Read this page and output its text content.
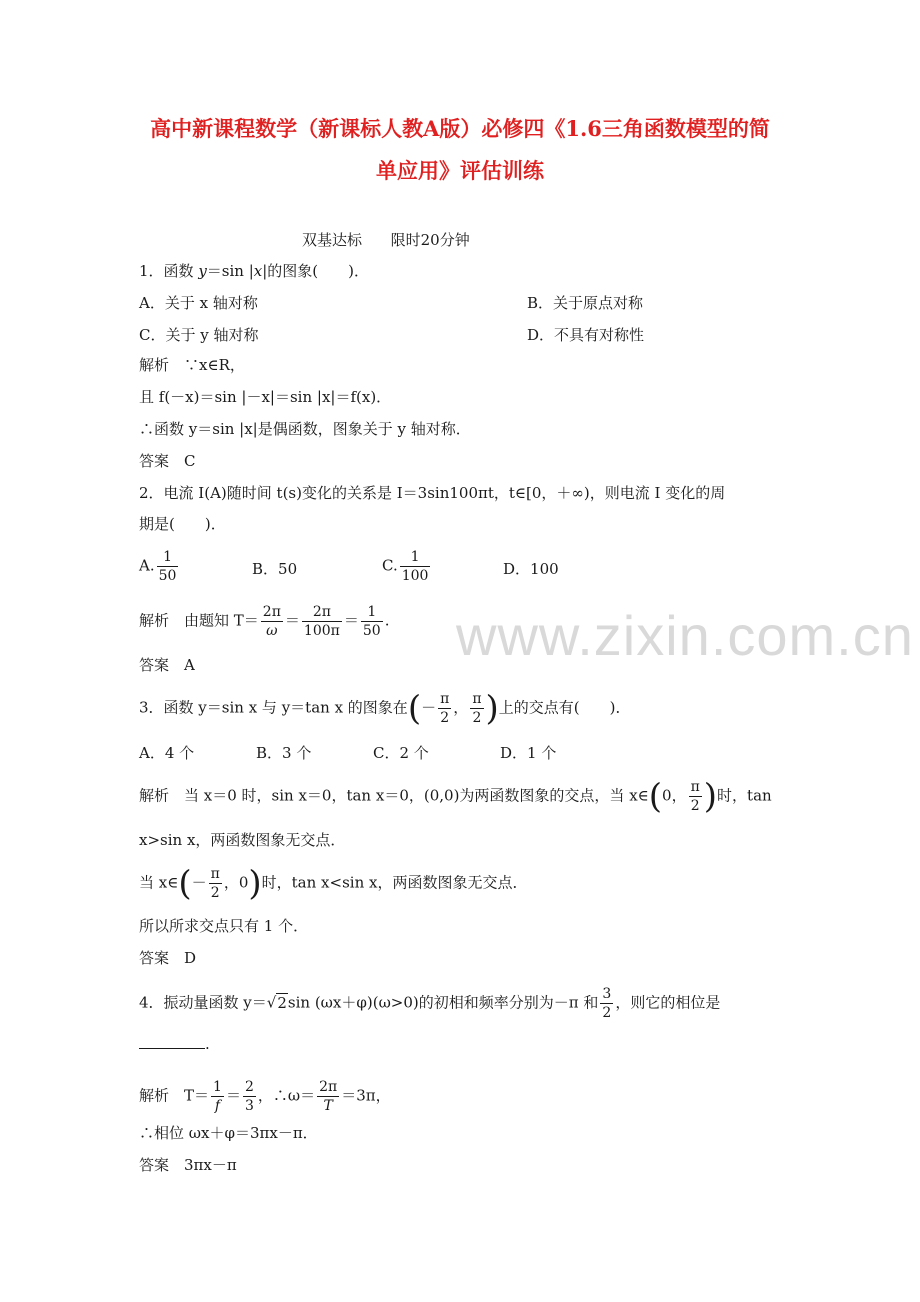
高中新课程数学（新课标人教A版）必修四《1.6三角函数模型的简
单应用》评估训练
双基达标      限时20分钟
1．函数 y＝sin |x|的图象(　　)．
A．关于 x 轴对称	B．关于原点对称
C．关于 y 轴对称	D．不具有对称性
解析　∵x∈R，
且 f(－x)＝sin |－x|＝sin |x|＝f(x)．
∴函数 y＝sin |x|是偶函数，图象关于 y 轴对称．
答案　C
2．电流 I(A)随时间 t(s)变化的关系是 I＝3sin100πt，t∈[0，＋∞)，则电流 I 变化的周
期是(　　)．
A. $\frac{1}{50}$	B．50	C. $\frac{1}{100}$	D．100
解析　由题知 $T= \frac{2\pi}{\omega} = \frac{2\pi}{100\pi} = \frac{1}{50}$ .
答案　A
3．函数 y＝sin x 与 y＝tan x 的图象在(－ $\frac{\pi}{2}$ ， $\frac{\pi}{2}$ )上的交点有(　　)．
A．4 个	B．3 个	C．2 个	D．1 个
解析　当 x＝0 时，sin x＝0，tan x＝0，(0,0)为两函数图象的交点，当 x∈(0， $\frac{\pi}{2}$ )时，tan
x>sin x，两函数图象无交点．
当 x∈(－ $\frac{\pi}{2}$ ，0)时，tan x<sin x，两函数图象无交点．
所以所求交点只有 1 个．
答案　D
4．振动量函数 y＝√2sin (ωx＋φ)(ω>0)的初相和频率分别为－π 和 $\frac{3}{2}$ ，则它的相位是
.
解析　$T= \frac{1}{f} = \frac{2}{3}$ ，∴ω＝ $\frac{2\pi}{T} =3\pi$，
∴相位 ωx＋φ＝3πx－π．
答案　3πx－π
www.zixin.com.cn
